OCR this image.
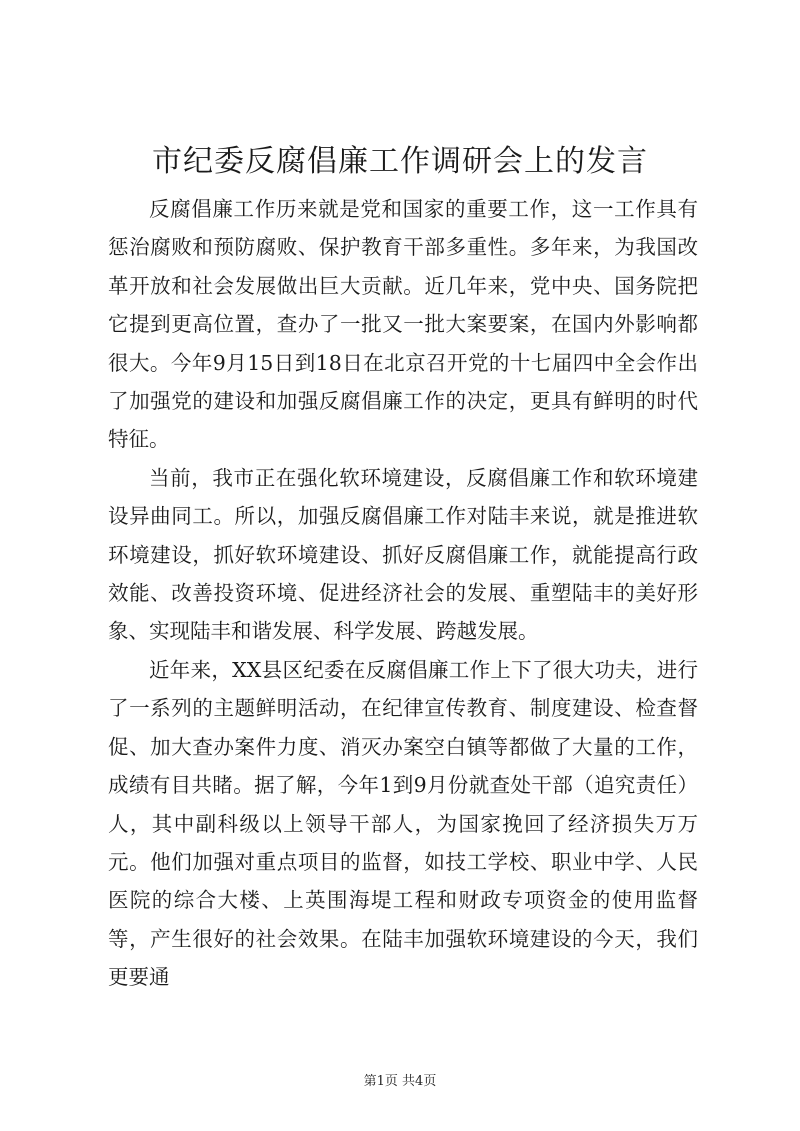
市纪委反腐倡廉工作调研会上的发言

反腐倡廉工作历来就是党和国家的重要工作，这一工作具有惩治腐败和预防腐败、保护教育干部多重性。多年来，为我国改革开放和社会发展做出巨大贡献。近几年来，党中央、国务院把它提到更高位置，查办了一批又一批大案要案，在国内外影响都很大。今年9月15日到18日在北京召开党的十七届四中全会作出了加强党的建设和加强反腐倡廉工作的决定，更具有鲜明的时代特征。

当前，我市正在强化软环境建设，反腐倡廉工作和软环境建设异曲同工。所以，加强反腐倡廉工作对陆丰来说，就是推进软环境建设，抓好软环境建设、抓好反腐倡廉工作，就能提高行政效能、改善投资环境、促进经济社会的发展、重塑陆丰的美好形象、实现陆丰和谐发展、科学发展、跨越发展。

近年来，XX县区纪委在反腐倡廉工作上下了很大功夫，进行了一系列的主题鲜明活动，在纪律宣传教育、制度建设、检查督促、加大查办案件力度、消灭办案空白镇等都做了大量的工作，成绩有目共睹。据了解，今年1到9月份就查处干部（追究责任）人，其中副科级以上领导干部人，为国家挽回了经济损失万万元。他们加强对重点项目的监督，如技工学校、职业中学、人民医院的综合大楼、上英围海堤工程和财政专项资金的使用监督等，产生很好的社会效果。在陆丰加强软环境建设的今天，我们更要通

第1页 共4页
